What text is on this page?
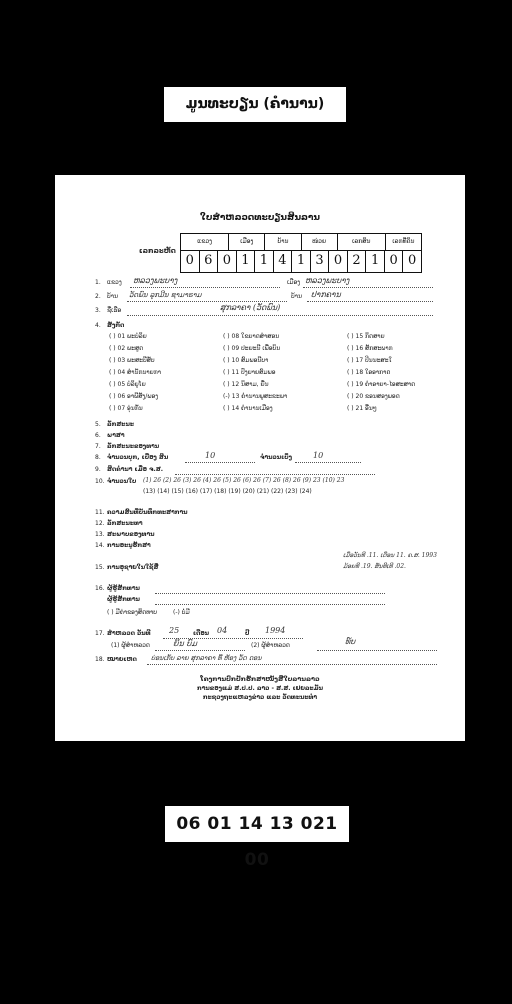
ມູນທະບຽນ (ຄຳນານ)
ໃບສຳຫລວດທະບຽນສິນລານ
ເລກລະຫັດ
ແຂວງ	ເມືອງ	ບ້ານ	ໜ່ວຍ	ເລກສິນ	ເລກທີ່ດິນ
0 6 0 1 1 4 1 3 0 2 1 0 0
1. ແຂວງ ຫລວງພະບາງ	ເມືອງ ຫລວງພະບາງ
2. ບ້ານ ວັດພົນ ລູກມີນ ຊາມາຣາມ	ບ້ານ ປາກຄານ
3. ຊື່ເຮືອ	ສຸກລາຄາ (ວັດພົນ)
4. ສັງກັດ
( ) 01 ພະບໍລິຍ
( ) 02 ພະສູດ
( ) 03 ພະສະບີສັບ
( ) 04 ສຳນັກນາຍກາ
( ) 05 ບໍລິຍູໂຍ
( ) 06 ອາພີສັງ/ພອງ
( ) 07 ອຸ່ນກັນ
( ) 08 ໃຂຍາດສຳສອນ
( ) 09 ປະຍະນີ ເພື່ອບິນ
( ) 10 ສົມພອນີບາ
( ) 11 ປົງຍາຍສົມພອ
( ) 12 ນິສາມ, ຍື່ນ
(-) 13 ຄຳນານພູສະຂະພາ
( ) 14 ຄຳນານເມືອງ
( ) 15 ກິດສາຍ
( ) 16 ສັກສະພາກ
( ) 17 ປິນນະສະໃ
( ) 18 ໃອອາກາດ
( ) 19 ຄຳອາຍາ-ໄອສະສາດ
( ) 20 ຂອນສອງພອດ
( ) 21 ອື່ນໆ
5. ລັກສະນະ
6. ພາສາ
7. ລັກສະນະຂອງທານ
8. ຈຳນວນບຸກ, ເບື່ອງ ສິນ	10	ຈຳນວນເບິ່ງ	10
9. ສິດຄຳນາ ເມື່ອ ຈ.ສ.
10. ຈຳນວນໃບ (1) 26 (2) 26 (3) 26 (4) 26 (5) 26 (6) 26 (7) 26 (8) 26 (9) 23 (10) 23
(13) (14) (15) (16) (17) (18) (19) (20) (21) (22) (23) (24)
11. ຄວາມສົນທີ່ບັນທຶກທະສາການ
12. ລັກສະນະທາ
13. ສະພາບຂອງທານ
14. ການອະນູຮັກສາ
15. ການອຸຊາຍໃນໃຊ້ສື່
ເມື່ອວັນທີ .11. ເດືອນ 11. ຄ.ສ. 1993
ມ້ອຍທີ .19. ສັນທີເທີ .02.
16. ຜູ້ຮູ້ສັກທານ
ຜູ້ຮູ້ສັກທານ
( ) ມີຄ່າຂອງສິດທາບ	(-) ບໍ່ມີ
17. ສຳຫລວດ ວັນທີ 25 ເດືອນ 04	ປີ 1994
(1) ຜູ້ສຳຫລວດ	ຍິນ ບົມ	(2) ຜູ້ສຳຫລວດ	ທ໌ບ
18. ໝາຍເຫດ ບ່ອນເກັບ ລາຍ ສຸກລາຄາ ທີ່ ຫ້ອງ ວັດ ດອນ
ໂຄງການປົກປັກຮັກສາໜັງສືໃບລານລາວ
ການຂອງແມ່ ສ.ປ.ປ. ລາວ - ສ.ສ. ເຢຍລະມັນ
ກະຊວງຖະແຫລງຂ່າວ ແລະ ວັດທະນະທຳ
06 01 14 13 021 00
